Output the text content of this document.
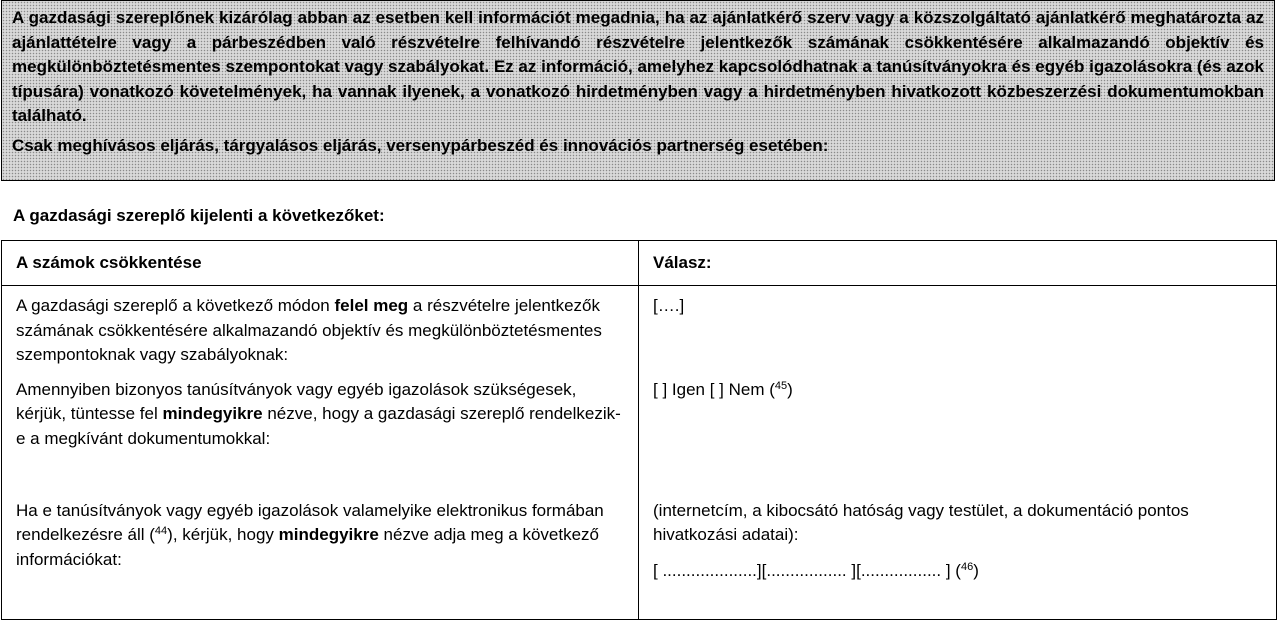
A gazdasági szereplőnek kizárólag abban az esetben kell információt megadnia, ha az ajánlatkérő szerv vagy a közszolgáltató ajánlatkérő meghatározta az ajánlattételre vagy a párbeszédben való részvételre felhívandó részvételre jelentkezők számának csökkentésére alkalmazandó objektív és megkülönböztetésmentes szempontokat vagy szabályokat. Ez az információ, amelyhez kapcsolódhatnak a tanúsítványokra és egyéb igazolásokra (és azok típusára) vonatkozó követelmények, ha vannak ilyenek, a vonatkozó hirdetményben vagy a hirdetményben hivatkozott közbeszerzési dokumentumokban található.

Csak meghívásos eljárás, tárgyalásos eljárás, versenypárbeszéd és innovációs partnerség esetében:

A gazdasági szereplő kijelenti a következőket:

A számok csökkentése	Válasz:
A gazdasági szereplő a következő módon felel meg a részvételre jelentkezők számának csökkentésére alkalmazandó objektív és megkülönböztetésmentes szempontoknak vagy szabályoknak:	[….]
Amennyiben bizonyos tanúsítványok vagy egyéb igazolások szükségesek, kérjük, tüntesse fel mindegyikre nézve, hogy a gazdasági szereplő rendelkezik-e a megkívánt dokumentumokkal:	[ ] Igen [ ] Nem ($^{45}$)
Ha e tanúsítványok vagy egyéb igazolások valamelyike elektronikus formában rendelkezésre áll ($^{44}$), kérjük, hogy mindegyikre nézve adja meg a következő információkat:	(internetcím, a kibocsátó hatóság vagy testület, a dokumentáció pontos hivatkozási adatai):
[ ....................][................. ][................. ] ($^{46}$)
